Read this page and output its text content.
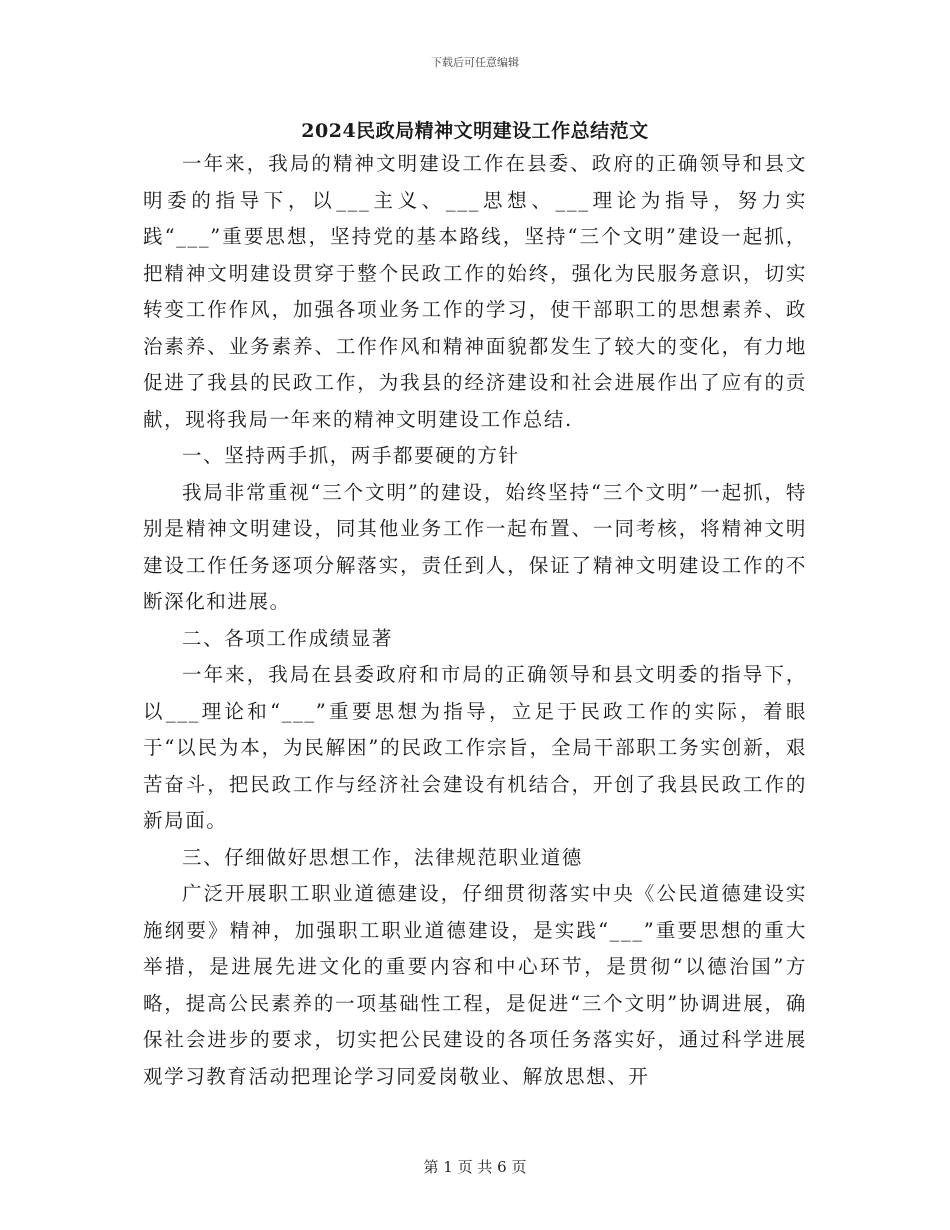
下载后可任意编辑
2024民政局精神文明建设工作总结范文

一年来，我局的精神文明建设工作在县委、政府的正确领导和县文明委的指导下，以___主义、___思想、___理论为指导，努力实践“___”重要思想，坚持党的基本路线，坚持“三个文明”建设一起抓，把精神文明建设贯穿于整个民政工作的始终，强化为民服务意识，切实转变工作作风，加强各项业务工作的学习，使干部职工的思想素养、政治素养、业务素养、工作作风和精神面貌都发生了较大的变化，有力地促进了我县的民政工作，为我县的经济建设和社会进展作出了应有的贡献，现将我局一年来的精神文明建设工作总结.

一、坚持两手抓，两手都要硬的方针

我局非常重视“三个文明”的建设，始终坚持“三个文明”一起抓，特别是精神文明建设，同其他业务工作一起布置、一同考核，将精神文明建设工作任务逐项分解落实，责任到人，保证了精神文明建设工作的不断深化和进展。

二、各项工作成绩显著

一年来，我局在县委政府和市局的正确领导和县文明委的指导下，以___理论和“___”重要思想为指导，立足于民政工作的实际，着眼于“以民为本，为民解困”的民政工作宗旨，全局干部职工务实创新，艰苦奋斗，把民政工作与经济社会建设有机结合，开创了我县民政工作的新局面。

三、仔细做好思想工作，法律规范职业道德

广泛开展职工职业道德建设，仔细贯彻落实中央《公民道德建设实施纲要》精神，加强职工职业道德建设，是实践“___”重要思想的重大举措，是进展先进文化的重要内容和中心环节，是贯彻“以德治国”方略，提高公民素养的一项基础性工程，是促进“三个文明”协调进展，确保社会进步的要求，切实把公民建设的各项任务落实好，通过科学进展观学习教育活动把理论学习同爱岗敬业、解放思想、开

第 1 页 共 6 页
